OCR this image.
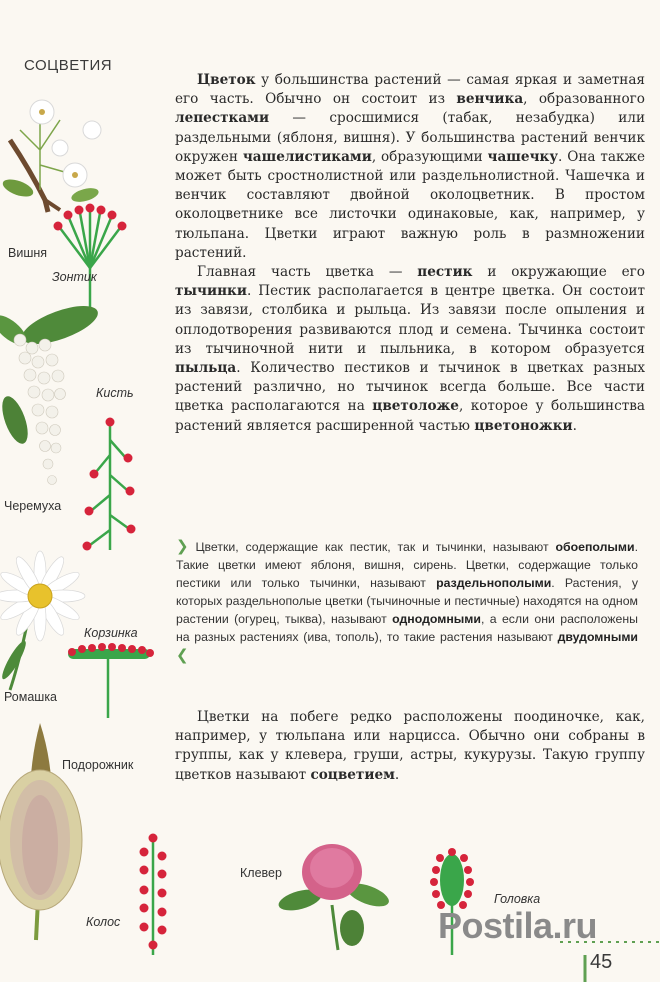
СОЦВЕТИЯ
Вишня
Зонтик
Кисть
Черемуха
Корзинка
Ромашка
Подорожник
Колос
Клевер
Головка

Цветок у большинства растений — самая яркая и заметная его часть. Обычно он состоит из венчика, образованного лепестками — сросшимися (табак, незабудка) или раздельными (яблоня, вишня). У большинства растений венчик окружен чашелистиками, образующими чашечку. Она также может быть сростнолистной или раздельнолистной. Чашечка и венчик составляют двойной околоцветник. В простом околоцветнике все листочки одинаковые, как, например, у тюльпана. Цветки играют важную роль в размножении растений.

Главная часть цветка — пестик и окружающие его тычинки. Пестик располагается в центре цветка. Он состоит из завязи, столбика и рыльца. Из завязи после опыления и оплодотворения развиваются плод и семена. Тычинка состоит из тычиночной нити и пыльника, в котором образуется пыльца. Количество пестиков и тычинок в цветках разных растений различно, но тычинок всегда больше. Все части цветка располагаются на цветоложе, которое у большинства растений является расширенной частью цветоножки.

❯ Цветки, содержащие как пестик, так и тычинки, называют обоеполыми. Такие цветки имеют яблоня, вишня, сирень. Цветки, содержащие только пестики или только тычинки, называют раздельнополыми. Растения, у которых раздельнополые цветки (тычиночные и пестичные) находятся на одном растении (огурец, тыква), называют однодомными, а если они расположены на разных растениях (ива, тополь), то такие растения называют двудомными ❮

Цветки на побеге редко расположены поодиночке, как, например, у тюльпана или нарцисса. Обычно они собраны в группы, как у клевера, груши, астры, кукурузы. Такую группу цветков называют соцветием.

Postila.ru
45
